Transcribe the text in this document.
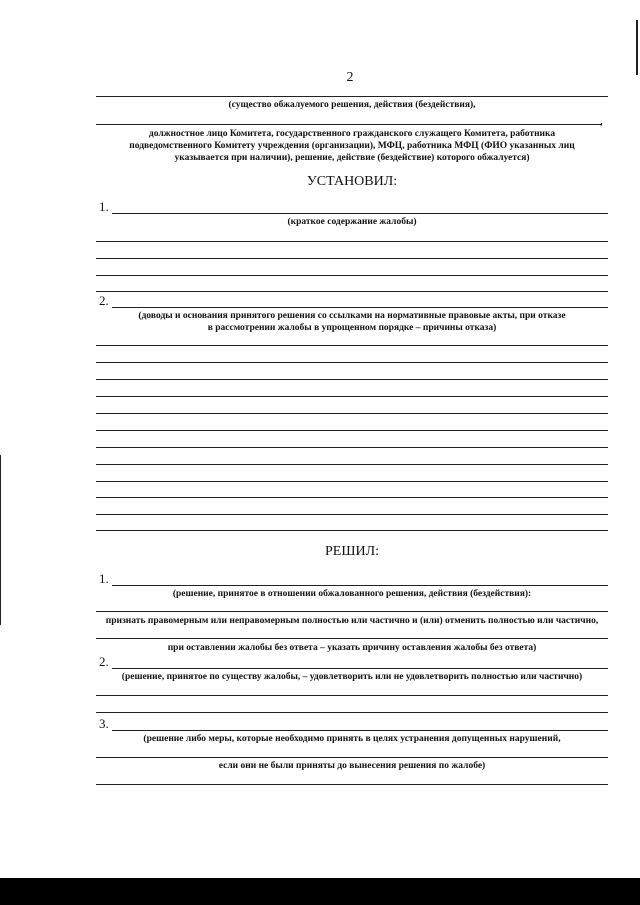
2
(существо обжалуемого решения, действия (бездействия),
,
должностное лицо Комитета, государственного гражданского служащего Комитета, работника
подведомственного Комитету учреждения (организации), МФЦ, работника МФЦ (ФИО указанных лиц
указывается при наличии), решение, действие (бездействие) которого обжалуется)
УСТАНОВИЛ:
1.
(краткое содержание жалобы)
2.
(доводы и основания принятого решения со ссылками на нормативные правовые акты, при отказе
в рассмотрении жалобы в упрощенном порядке – причины отказа)
РЕШИЛ:
1.
(решение, принятое в отношении обжалованного решения, действия (бездействия):
признать правомерным или неправомерным полностью или частично и (или) отменить полностью или частично,
при оставлении жалобы без ответа – указать причину оставления жалобы без ответа)
2.
(решение, принятое по существу жалобы, – удовлетворить или не удовлетворить полностью или частично)
3.
(решение либо меры, которые необходимо принять в целях устранения допущенных нарушений,
если они не были приняты до вынесения решения по жалобе)
